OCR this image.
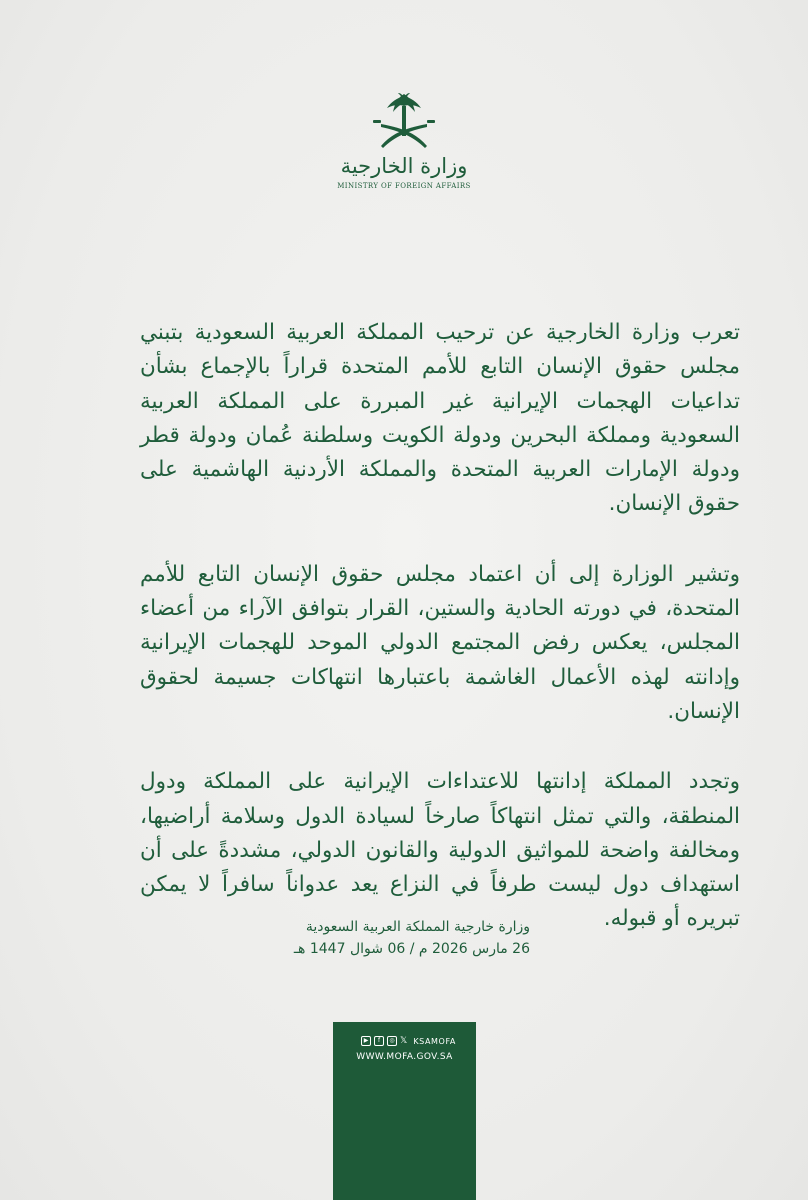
وزارة الخارجية
MINISTRY OF FOREIGN AFFAIRS

تعرب وزارة الخارجية عن ترحيب المملكة العربية السعودية بتبني مجلس حقوق الإنسان التابع للأمم المتحدة قراراً بالإجماع بشأن تداعيات الهجمات الإيرانية غير المبررة على المملكة العربية السعودية ومملكة البحرين ودولة الكويت وسلطنة عُمان ودولة قطر ودولة الإمارات العربية المتحدة والمملكة الأردنية الهاشمية على حقوق الإنسان.

وتشير الوزارة إلى أن اعتماد مجلس حقوق الإنسان التابع للأمم المتحدة، في دورته الحادية والستين، القرار بتوافق الآراء من أعضاء المجلس، يعكس رفض المجتمع الدولي الموحد للهجمات الإيرانية وإدانته لهذه الأعمال الغاشمة باعتبارها انتهاكات جسيمة لحقوق الإنسان.

وتجدد المملكة إدانتها للاعتداءات الإيرانية على المملكة ودول المنطقة، والتي تمثل انتهاكاً صارخاً لسيادة الدول وسلامة أراضيها، ومخالفة واضحة للمواثيق الدولية والقانون الدولي، مشددةً على أن استهداف دول ليست طرفاً في النزاع يعد عدواناً سافراً لا يمكن تبريره أو قبوله.

وزارة خارجية المملكة العربية السعودية
26 مارس 2026 م / 06 شوال 1447 هـ
▶	f	◎ 𝕏 KSAMOFA
WWW.MOFA.GOV.SA
